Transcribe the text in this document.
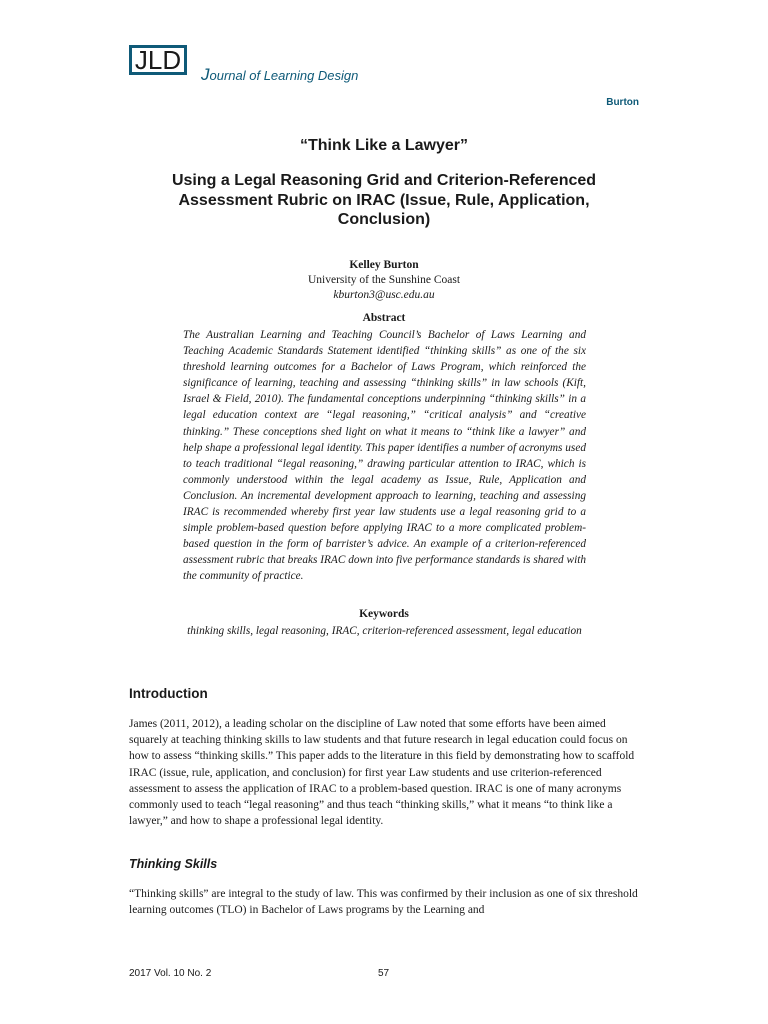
JLD Journal of Learning Design
Burton
“Think Like a Lawyer”
Using a Legal Reasoning Grid and Criterion-Referenced Assessment Rubric on IRAC (Issue, Rule, Application, Conclusion)
Kelley Burton
University of the Sunshine Coast
kburton3@usc.edu.au
Abstract

The Australian Learning and Teaching Council’s Bachelor of Laws Learning and Teaching Academic Standards Statement identified “thinking skills” as one of the six threshold learning outcomes for a Bachelor of Laws Program, which reinforced the significance of learning, teaching and assessing “thinking skills” in law schools (Kift, Israel & Field, 2010). The fundamental conceptions underpinning “thinking skills” in a legal education context are “legal reasoning,” “critical analysis” and “creative thinking.” These conceptions shed light on what it means to “think like a lawyer” and help shape a professional legal identity. This paper identifies a number of acronyms used to teach traditional “legal reasoning,” drawing particular attention to IRAC, which is commonly understood within the legal academy as Issue, Rule, Application and Conclusion. An incremental development approach to learning, teaching and assessing IRAC is recommended whereby first year law students use a legal reasoning grid to a simple problem-based question before applying IRAC to a more complicated problem-based question in the form of barrister’s advice. An example of a criterion-referenced assessment rubric that breaks IRAC down into five performance standards is shared with the community of practice.

Keywords
thinking skills, legal reasoning, IRAC, criterion-referenced assessment, legal education
Introduction

James (2011, 2012), a leading scholar on the discipline of Law noted that some efforts have been aimed squarely at teaching thinking skills to law students and that future research in legal education could focus on how to assess “thinking skills.” This paper adds to the literature in this field by demonstrating how to scaffold IRAC (issue, rule, application, and conclusion) for first year Law students and use criterion-referenced assessment to assess the application of IRAC to a problem-based question. IRAC is one of many acronyms commonly used to teach “legal reasoning” and thus teach “thinking skills,” what it means “to think like a lawyer,” and how to shape a professional legal identity.

Thinking Skills

“Thinking skills” are integral to the study of law. This was confirmed by their inclusion as one of six threshold learning outcomes (TLO) in Bachelor of Laws programs by the Learning and

2017 Vol. 10 No. 2	57
